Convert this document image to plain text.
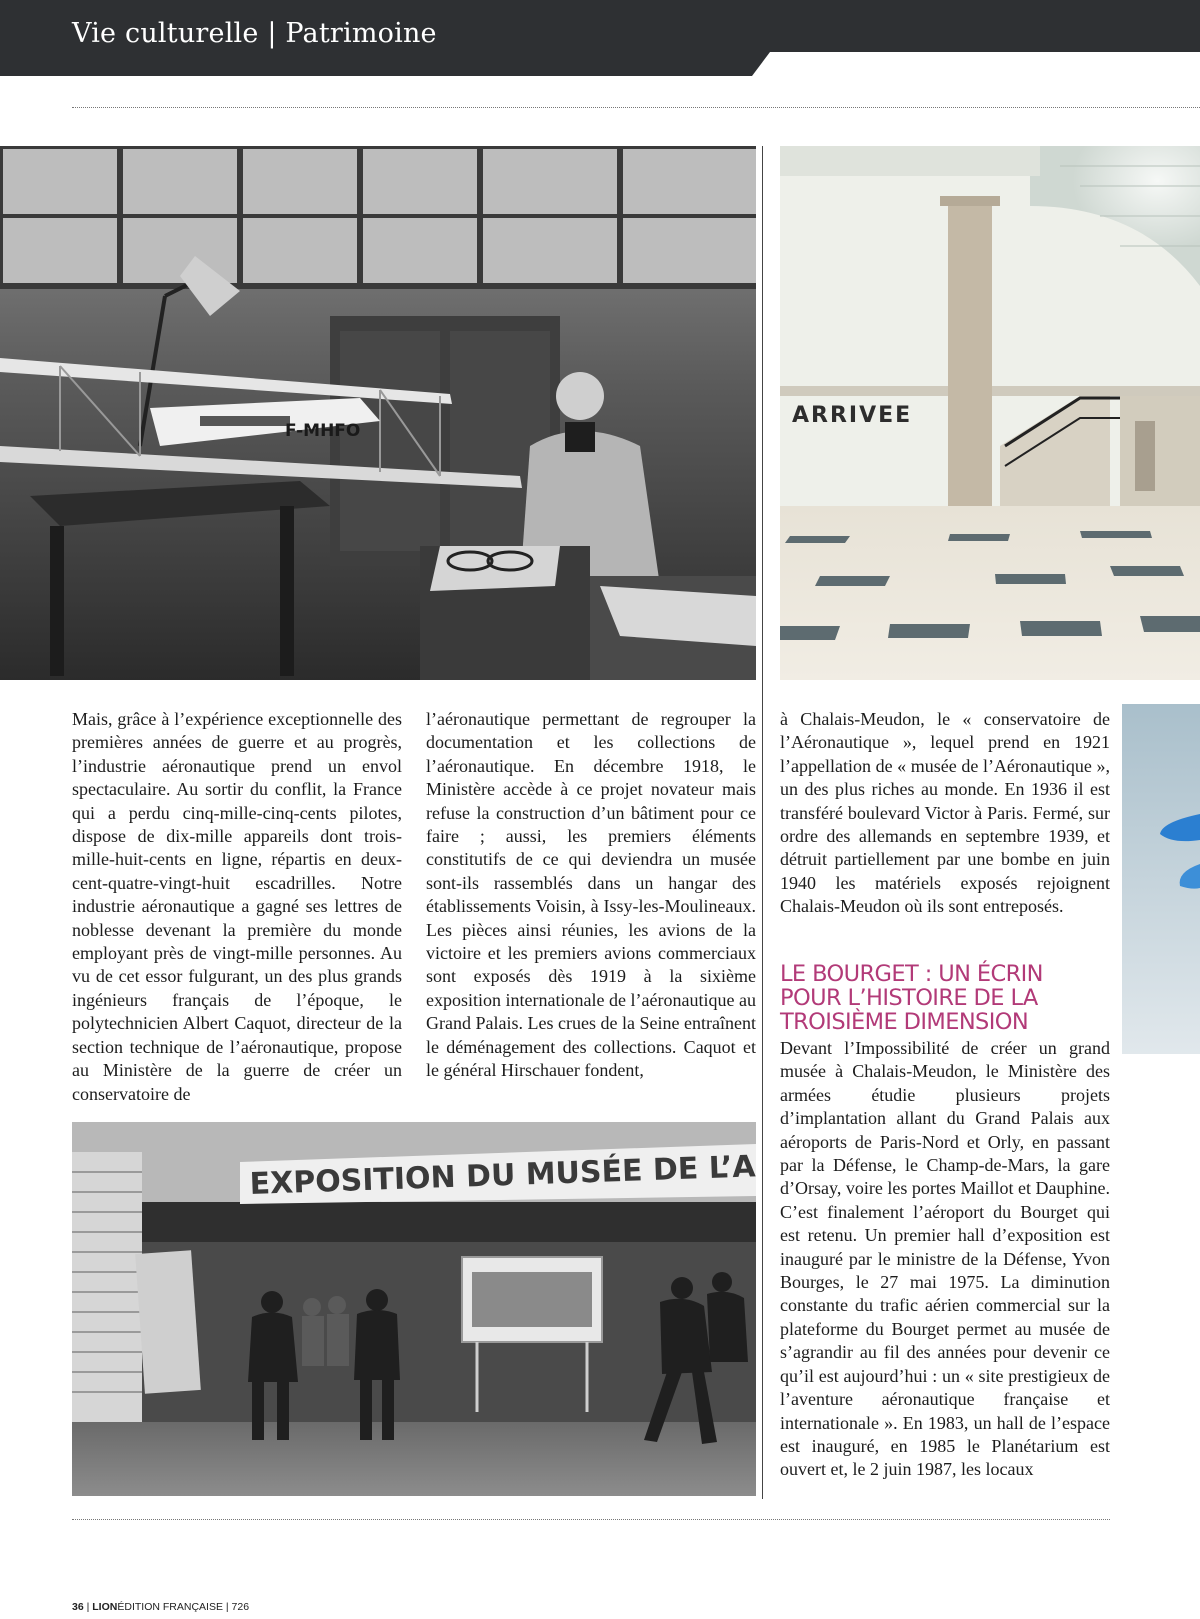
Vie culturelle | Patrimoine
F-MHFO
ARRIVEE
EXPOSITION DU MUSÉE DE L’A

Mais, grâce à l’expérience exceptionnelle des premières années de guerre et au progrès, l’industrie aéronautique prend un envol spectaculaire. Au sortir du conflit, la France qui a perdu cinq-mille-cinq-cents pilotes, dispose de dix-mille appareils dont trois-mille-huit-cents en ligne, répartis en deux-cent-quatre-vingt-huit escadrilles. Notre industrie aéronautique a gagné ses lettres de noblesse devenant la première du monde employant près de vingt-mille personnes. Au vu de cet essor fulgurant, un des plus grands ingénieurs français de l’époque, le polytechnicien Albert Caquot, directeur de la section technique de l’aéronautique, propose au Ministère de la guerre de créer un conservatoire de

l’aéronautique permettant de regrouper la documentation et les collections de l’aéronautique. En décembre 1918, le Ministère accède à ce projet novateur mais refuse la construction d’un bâtiment pour ce faire ; aussi, les premiers éléments constitutifs de ce qui deviendra un musée sont-ils rassemblés dans un hangar des établissements Voisin, à Issy-les-Moulineaux. Les pièces ainsi réunies, les avions de la victoire et les premiers avions commerciaux sont exposés dès 1919 à la sixième exposition internationale de l’aéronautique au Grand Palais. Les crues de la Seine entraînent le déménagement des collections. Caquot et le général Hirschauer fondent,

à Chalais-Meudon, le « conservatoire de l’Aéronautique », lequel prend en 1921 l’appellation de « musée de l’Aéronautique », un des plus riches au monde. En 1936 il est transféré boulevard Victor à Paris. Fermé, sur ordre des allemands en septembre 1939, et détruit partiellement par une bombe en juin 1940 les matériels exposés rejoignent Chalais-Meudon où ils sont entreposés.

LE BOURGET : UN ÉCRIN POUR L’HISTOIRE DE LA TROISIÈME DIMENSION

Devant l’Impossibilité de créer un grand musée à Chalais-Meudon, le Ministère des armées étudie plusieurs projets d’implantation allant du Grand Palais aux aéroports de Paris-Nord et Orly, en passant par la Défense, le Champ-de-Mars, la gare d’Orsay, voire les portes Maillot et Dauphine. C’est finalement l’aéroport du Bourget qui est retenu. Un premier hall d’exposition est inauguré par le ministre de la Défense, Yvon Bourges, le 27 mai 1975. La diminution constante du trafic aérien commercial sur la plateforme du Bourget permet au musée de s’agrandir au fil des années pour devenir ce qu’il est aujourd’hui : un « site prestigieux de l’aventure aéronautique française et internationale ». En 1983, un hall de l’espace est inauguré, en 1985 le Planétarium est ouvert et, le 2 juin 1987, les locaux

36 | LIONÉDITION FRANÇAISE | 726
